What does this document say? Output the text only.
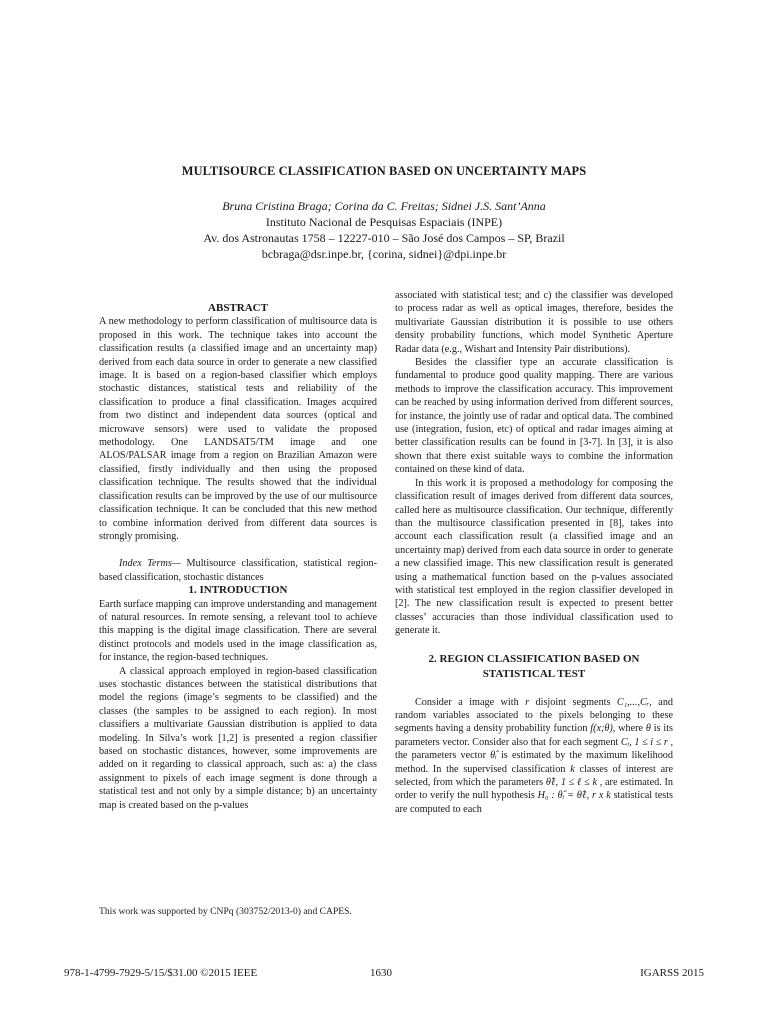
MULTISOURCE CLASSIFICATION BASED ON UNCERTAINTY MAPS
Bruna Cristina Braga; Corina da C. Freitas; Sidnei J.S. Sant’Anna
Instituto Nacional de Pesquisas Espaciais (INPE)
Av. dos Astronautas 1758 – 12227-010 – São José dos Campos – SP, Brazil
bcbraga@dsr.inpe.br, {corina, sidnei}@dpi.inpe.br

ABSTRACT

A new methodology to perform classification of multisource data is proposed in this work. The technique takes into account the classification results (a classified image and an uncertainty map) derived from each data source in order to generate a new classified image. It is based on a region-based classifier which employs stochastic distances, statistical tests and reliability of the classification to produce a final classification. Images acquired from two distinct and independent data sources (optical and microwave sensors) were used to validate the proposed methodology. One LANDSAT5/TM image and one ALOS/PALSAR image from a region on Brazilian Amazon were classified, firstly individually and then using the proposed classification technique. The results showed that the individual classification results can be improved by the use of our multisource classification technique. It can be concluded that this new method to combine information derived from different data sources is strongly promising.

Index Terms— Multisource classification, statistical region-based classification, stochastic distances

1. INTRODUCTION

Earth surface mapping can improve understanding and management of natural resources. In remote sensing, a relevant tool to achieve this mapping is the digital image classification. There are several distinct protocols and models used in the image classification as, for instance, the region-based techniques.

A classical approach employed in region-based classification uses stochastic distances between the statistical distributions that model the regions (image’s segments to be classified) and the classes (the samples to be assigned to each region). In most classifiers a multivariate Gaussian distribution is applied to data modeling. In Silva’s work [1,2] is presented a region classifier based on stochastic distances, however, some improvements are added on it regarding to classical approach, such as: a) the class assignment to pixels of each image segment is done through a statistical test and not only by a simple distance; b) an uncertainty map is created based on the p-values

associated with statistical test; and c) the classifier was developed to process radar as well as optical images, therefore, besides the multivariate Gaussian distribution it is possible to use others density probability functions, which model Synthetic Aperture Radar data (e.g., Wishart and Intensity Pair distributions).

Besides the classifier type an accurate classification is fundamental to produce good quality mapping. There are various methods to improve the classification accuracy. This improvement can be reached by using information derived from different sources, for instance, the jointly use of radar and optical data. The combined use (integration, fusion, etc) of optical and radar images aiming at better classification results can be found in [3-7]. In [3], it is also shown that there exist suitable ways to combine the information contained on these kind of data.

In this work it is proposed a methodology for composing the classification result of images derived from different data sources, called here as multisource classification. Our technique, differently than the multisource classification presented in [8], takes into account each classification result (a classified image and an uncertainty map) derived from each data source in order to generate a new classified image. This new classification result is generated using a mathematical function based on the p-values associated with statistical test employed in the region classifier developed in [2]. The new classification result is expected to present better classes’ accuracies than those individual classification used to generate it.

2. REGION CLASSIFICATION BASED ON
STATISTICAL TEST

Consider a image with r disjoint segments C₁,...,Cᵣ, and random variables associated to the pixels belonging to these segments having a density probability function f(x;θ), where θ is its parameters vector. Consider also that for each segment Cᵢ, 1 ≤ i ≤ r , the parameters vector θ̂ᵢ is estimated by the maximum likelihood method. In the supervised classification k classes of interest are selected, from which the parameters θ̂ℓ, 1 ≤ ℓ ≤ k , are estimated. In order to verify the null hypothesis H₀ : θ̂ᵢ = θ̂ℓ, r x k statistical tests are computed to each

This work was supported by CNPq (303752/2013-0) and CAPES.
978-1-4799-7929-5/15/$31.00 ©2015 IEEE	1630	IGARSS 2015
